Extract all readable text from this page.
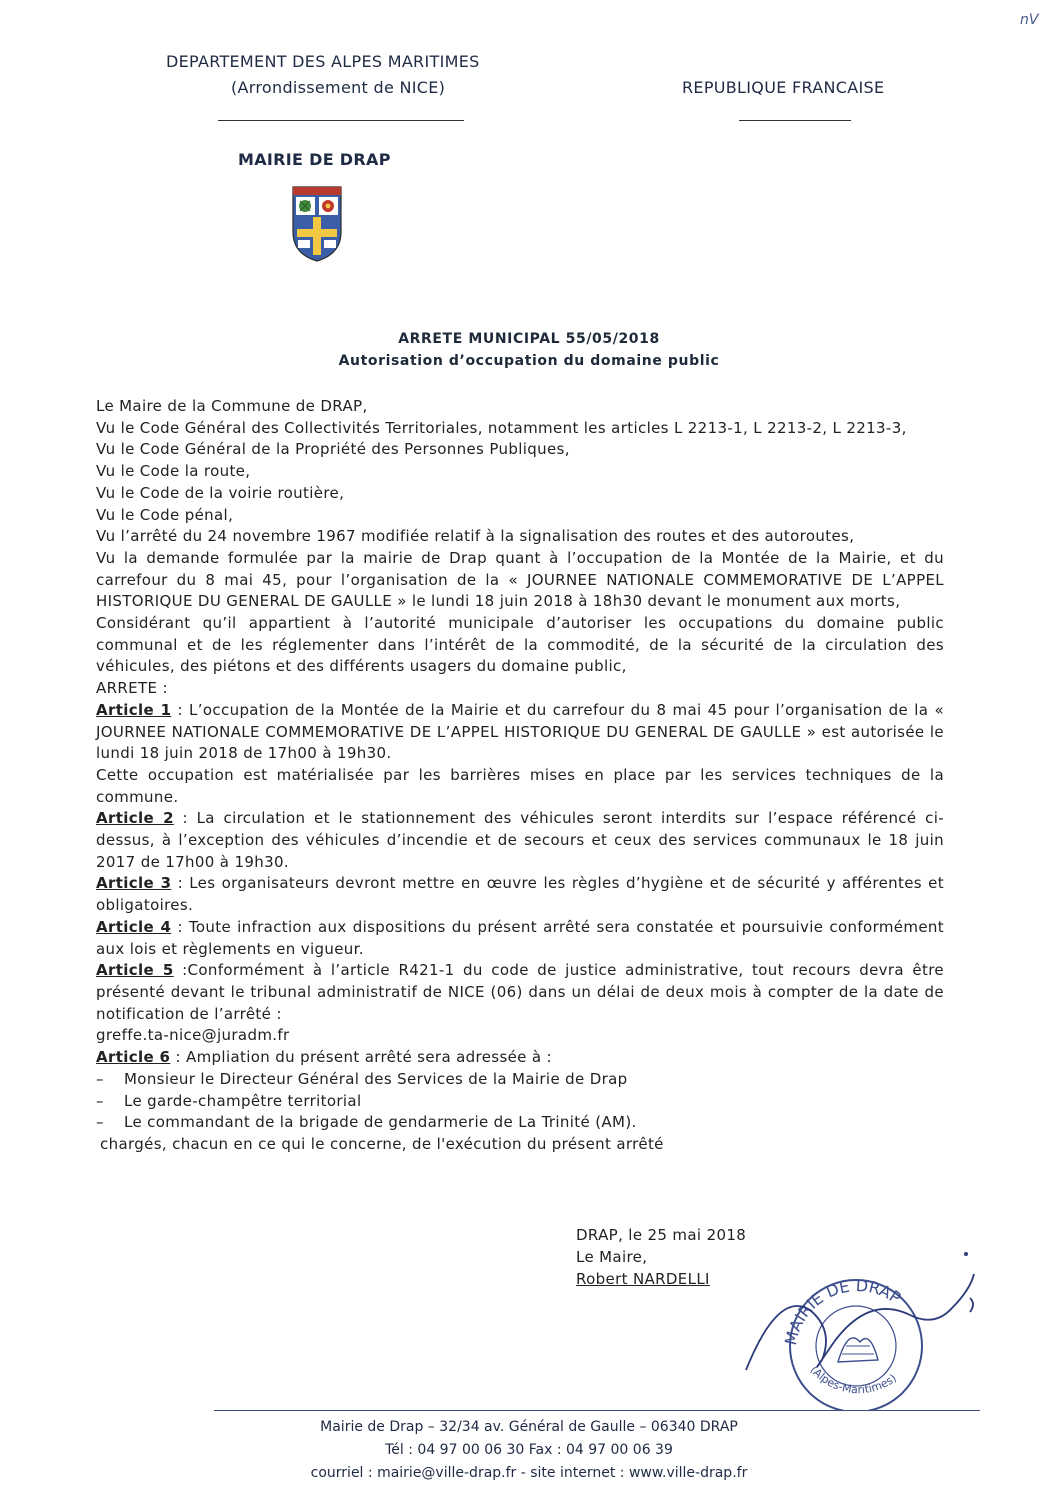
nV
DEPARTEMENT DES ALPES MARITIMES
(Arrondissement de NICE)	REPUBLIQUE FRANCAISE
MAIRIE DE DRAP
ARRETE MUNICIPAL 55/05/2018
Autorisation d’occupation du domaine public

Le Maire de la Commune de DRAP,

Vu le Code Général des Collectivités Territoriales, notamment les articles L 2213-1, L 2213-2, L 2213-3,

Vu le Code Général de la Propriété des Personnes Publiques,

Vu le Code la route,

Vu le Code de la voirie routière,

Vu le Code pénal,

Vu l’arrêté du 24 novembre 1967 modifiée relatif à la signalisation des routes et des autoroutes,

Vu la demande formulée par la mairie de Drap quant à l’occupation de la Montée de la Mairie, et du carrefour du 8 mai 45, pour l’organisation de la « JOURNEE NATIONALE COMMEMORATIVE DE L’APPEL HISTORIQUE DU GENERAL DE GAULLE » le lundi 18 juin 2018 à 18h30 devant le monument aux morts,

Considérant qu’il appartient à l’autorité municipale d’autoriser les occupations du domaine public communal et de les réglementer dans l’intérêt de la commodité, de la sécurité de la circulation des véhicules, des piétons et des différents usagers du domaine public,

ARRETE :

Article 1 : L’occupation de la Montée de la Mairie et du carrefour du 8 mai 45 pour l’organisation de la « JOURNEE NATIONALE COMMEMORATIVE DE L’APPEL HISTORIQUE DU GENERAL DE GAULLE » est autorisée le lundi 18 juin 2018 de 17h00 à 19h30.

Cette occupation est matérialisée par les barrières mises en place par les services techniques de la commune.

Article 2 : La circulation et le stationnement des véhicules seront interdits sur l’espace référencé ci-dessus, à l’exception des véhicules d’incendie et de secours et ceux des services communaux le 18 juin 2017 de 17h00 à 19h30.

Article 3 : Les organisateurs devront mettre en œuvre les règles d’hygiène et de sécurité y afférentes et obligatoires.

Article 4 : Toute infraction aux dispositions du présent arrêté sera constatée et poursuivie conformément aux lois et règlements en vigueur.

Article 5 :Conformément à l’article R421-1 du code de justice administrative, tout recours devra être présenté devant le tribunal administratif de NICE (06) dans un délai de deux mois à compter de la date de notification de l’arrêté :

greffe.ta-nice@juradm.fr

Article 6 : Ampliation du présent arrêté sera adressée à :

– Monsieur le Directeur Général des Services de la Mairie de Drap

– Le garde-champêtre territorial

– Le commandant de la brigade de gendarmerie de La Trinité (AM).

chargés, chacun en ce qui le concerne, de l'exécution du présent arrêté

DRAP, le 25 mai 2018
Le Maire,
Robert NARDELLI
MAIRIE DE DRAP
(Alpes-Maritimes)
Mairie de Drap – 32/34 av. Général de Gaulle – 06340 DRAP
Tél : 04 97 00 06 30 Fax : 04 97 00 06 39
courriel : mairie@ville-drap.fr - site internet : www.ville-drap.fr
